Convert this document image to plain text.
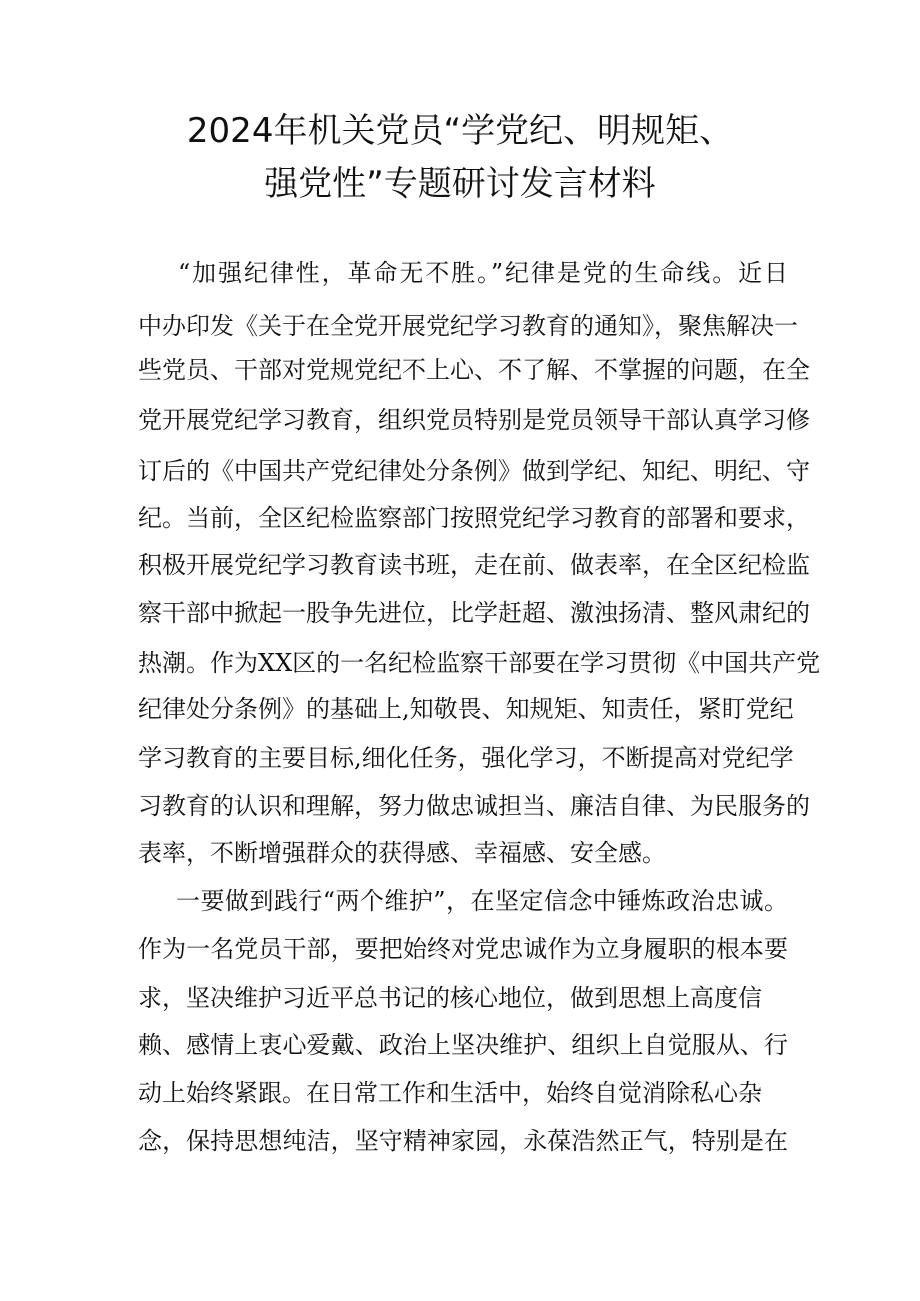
2024年机关党员“学党纪、明规矩、
强党性”专题研讨发言材料
“加强纪律性，革命无不胜。”纪律是党的生命线。近日
中办印发《关于在全党开展党纪学习教育的通知》，聚焦解决一
些党员、干部对党规党纪不上心、不了解、不掌握的问题，在全
党开展党纪学习教育，组织党员特别是党员领导干部认真学习修
订后的《中国共产党纪律处分条例》做到学纪、知纪、明纪、守
纪。当前，全区纪检监察部门按照党纪学习教育的部署和要求，
积极开展党纪学习教育读书班，走在前、做表率，在全区纪检监
察干部中掀起一股争先进位，比学赶超、激浊扬清、整风肃纪的
热潮。作为XX区的一名纪检监察干部要在学习贯彻《中国共产党
纪律处分条例》的基础上,知敬畏、知规矩、知责任，紧盯党纪
学习教育的主要目标,细化任务，强化学习，不断提高对党纪学
习教育的认识和理解，努力做忠诚担当、廉洁自律、为民服务的
表率，不断增强群众的获得感、幸福感、安全感。
一要做到践行“两个维护”，在坚定信念中锤炼政治忠诚。
作为一名党员干部，要把始终对党忠诚作为立身履职的根本要
求，坚决维护习近平总书记的核心地位，做到思想上高度信
赖、感情上衷心爱戴、政治上坚决维护、组织上自觉服从、行
动上始终紧跟。在日常工作和生活中，始终自觉消除私心杂
念，保持思想纯洁，坚守精神家园，永葆浩然正气，特别是在
